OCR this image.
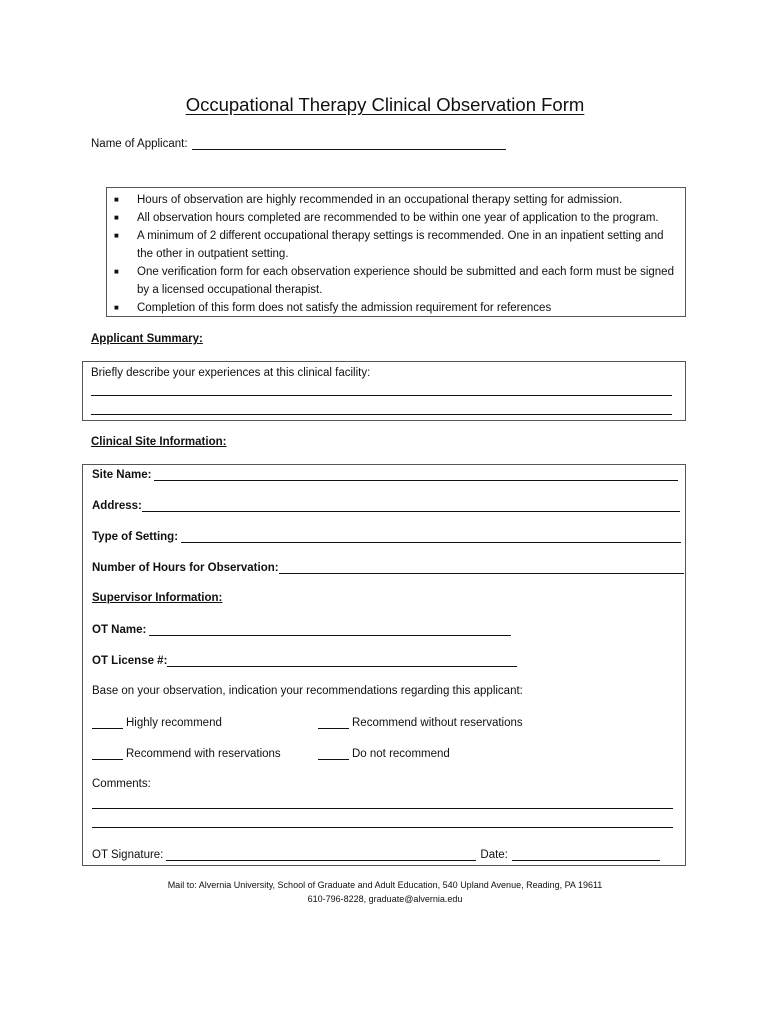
Occupational Therapy Clinical Observation Form
Name of Applicant:
■ Hours of observation are highly recommended in an occupational therapy setting for admission.
■ All observation hours completed are recommended to be within one year of application to the program.
■ A minimum of 2 different occupational therapy settings is recommended. One in an inpatient setting and the other in outpatient setting.
■ One verification form for each observation experience should be submitted and each form must be signed by a licensed occupational therapist.
■ Completion of this form does not satisfy the admission requirement for references
Applicant Summary:
Briefly describe your experiences at this clinical facility:
Clinical Site Information:
Site Name:
Address:
Type of Setting:
Number of Hours for Observation:
Supervisor Information:
OT Name:
OT License #:
Base on your observation, indication your recommendations regarding this applicant:
Highly recommend	Recommend without reservations
Recommend with reservations	Do not recommend
Comments:
OT Signature:	Date:
Mail to: Alvernia University, School of Graduate and Adult Education, 540 Upland Avenue, Reading, PA 19611
610-796-8228, graduate@alvernia.edu
